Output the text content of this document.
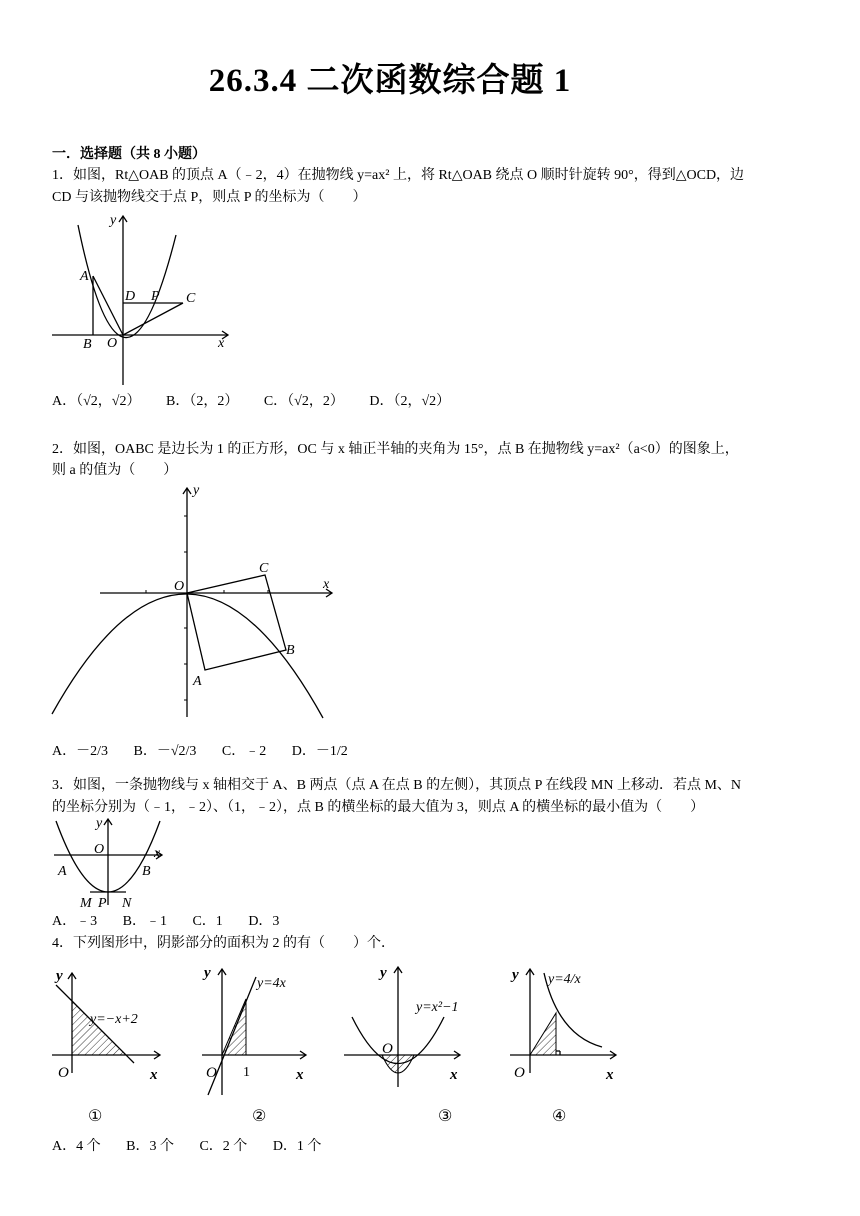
26.3.4 二次函数综合题 1
一．选择题（共 8 小题）
1．如图，Rt△OAB 的顶点 A（﹣2，4）在抛物线 y=ax² 上，将 Rt△OAB 绕点 O 顺时针旋转 90°，得到△OCD，边
CD 与该抛物线交于点 P，则点 P 的坐标为（　　）
y
x
A
B O
D P C
A．（√2，√2） B．（2，2） C．（√2，2） D．（2，√2）
2．如图，OABC 是边长为 1 的正方形，OC 与 x 轴正半轴的夹角为 15°，点 B 在抛物线 y=ax²（a<0）的图象上，
则 a 的值为（　　）
y
x
O
C
B
A
A．－2/3 B．－√2/3 C．﹣2 D．－1/2
3．如图，一条抛物线与 x 轴相交于 A、B 两点（点 A 在点 B 的左侧），其顶点 P 在线段 MN 上移动．若点 M、N
的坐标分别为（﹣1，﹣2）、（1，﹣2），点 B 的横坐标的最大值为 3，则点 A 的横坐标的最小值为（　　）
y
x
O
A	B
M P N
A．﹣3 B．﹣1 C．1 D．3
4．下列图形中，阴影部分的面积为 2 的有（　　）个．
y
x
O
y=−x+2
①
y
x
O 1
y=4x
②
y
x
O
y=x²−1
③
y
x
O
y=4/x
④
A．4 个 B．3 个 C．2 个 D．1 个
